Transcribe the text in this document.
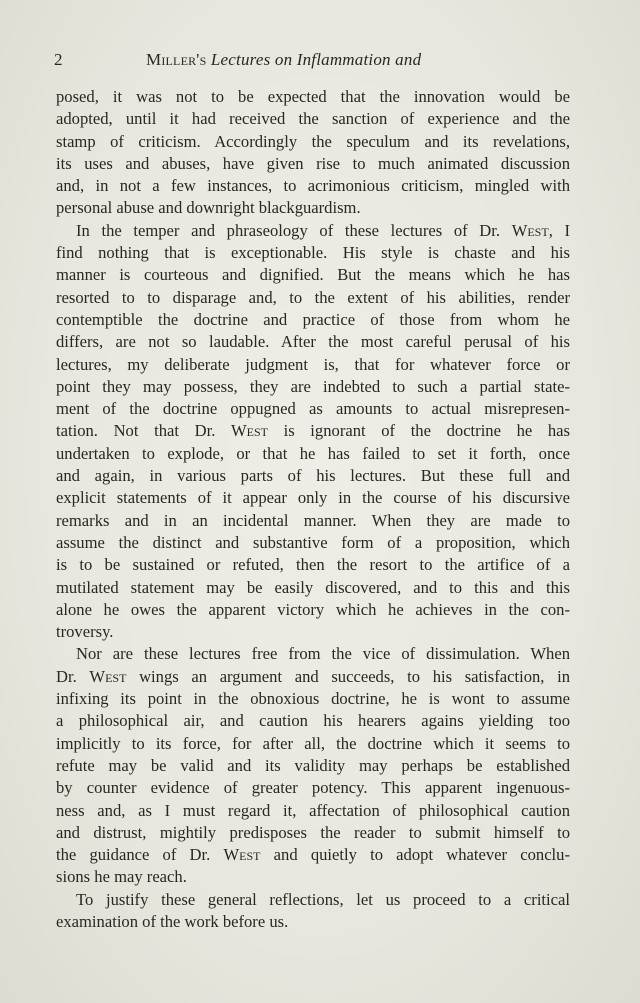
2	Miller's Lectures on Inflammation and
posed, it was not to be expected that the innovation would be
adopted, until it had received the sanction of experience and the
stamp of criticism. Accordingly the speculum and its revelations,
its uses and abuses, have given rise to much animated discussion
and, in not a few instances, to acrimonious criticism, mingled with
personal abuse and downright blackguardism.
In the temper and phraseology of these lectures of Dr. West, I
find nothing that is exceptionable. His style is chaste and his
manner is courteous and dignified. But the means which he has
resorted to to disparage and, to the extent of his abilities, render
contemptible the doctrine and practice of those from whom he
differs, are not so laudable. After the most careful perusal of his
lectures, my deliberate judgment is, that for whatever force or
point they may possess, they are indebted to such a partial state-
ment of the doctrine oppugned as amounts to actual misrepresen-
tation. Not that Dr. West is ignorant of the doctrine he has
undertaken to explode, or that he has failed to set it forth, once
and again, in various parts of his lectures. But these full and
explicit statements of it appear only in the course of his discursive
remarks and in an incidental manner. When they are made to
assume the distinct and substantive form of a proposition, which
is to be sustained or refuted, then the resort to the artifice of a
mutilated statement may be easily discovered, and to this and this
alone he owes the apparent victory which he achieves in the con-
troversy.
Nor are these lectures free from the vice of dissimulation. When
Dr. West wings an argument and succeeds, to his satisfaction, in
infixing its point in the obnoxious doctrine, he is wont to assume
a philosophical air, and caution his hearers agains yielding too
implicitly to its force, for after all, the doctrine which it seems to
refute may be valid and its validity may perhaps be established
by counter evidence of greater potency. This apparent ingenuous-
ness and, as I must regard it, affectation of philosophical caution
and distrust, mightily predisposes the reader to submit himself to
the guidance of Dr. West and quietly to adopt whatever conclu-
sions he may reach.
To justify these general reflections, let us proceed to a critical
examination of the work before us.
